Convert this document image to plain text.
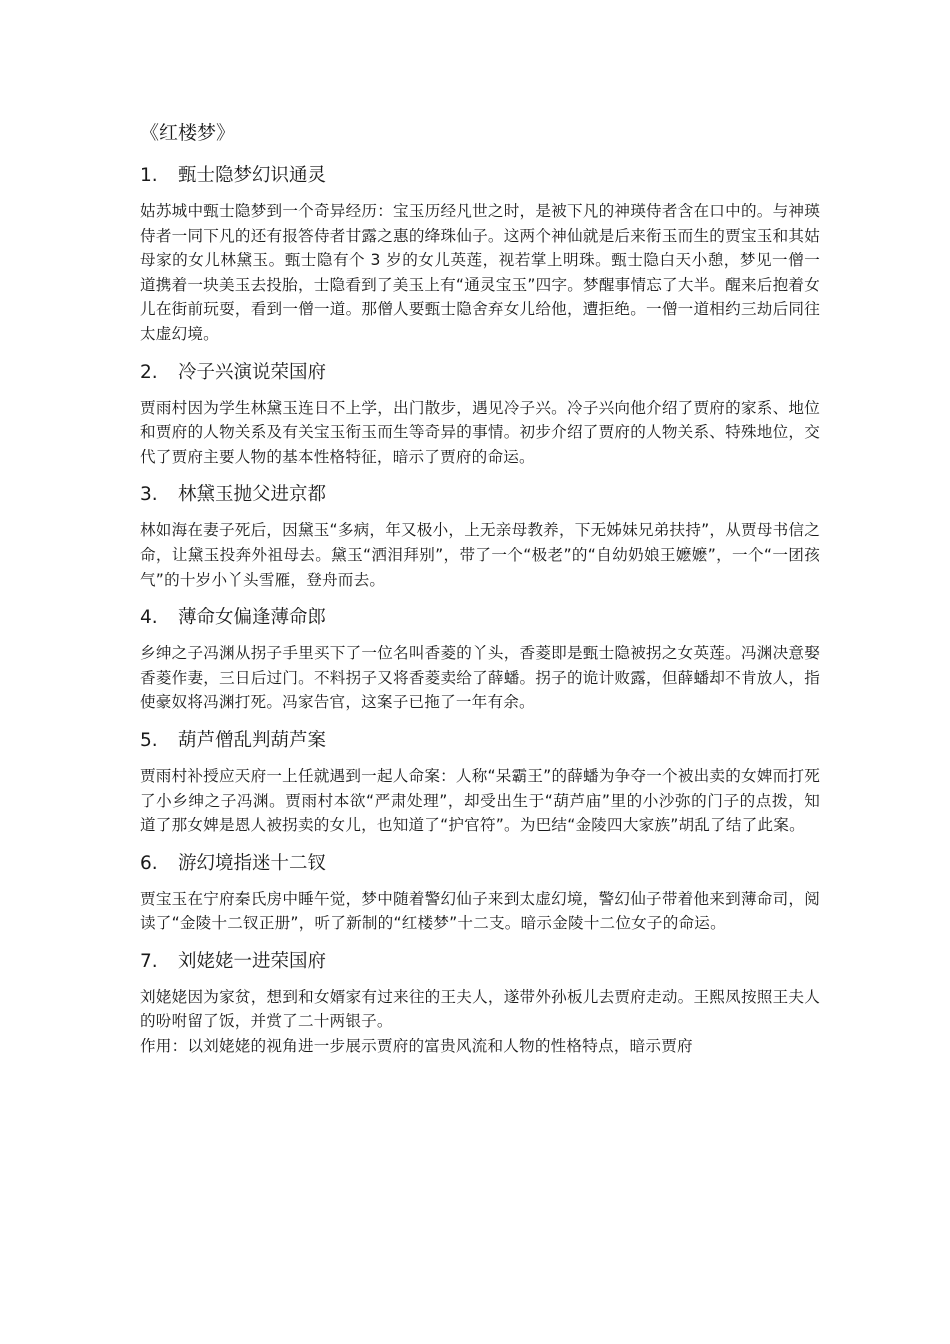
《红楼梦》
1.	甄士隐梦幻识通灵

姑苏城中甄士隐梦到一个奇异经历：宝玉历经凡世之时，是被下凡的神瑛侍者含在口中的。与神瑛侍者一同下凡的还有报答侍者甘露之惠的绛珠仙子。这两个神仙就是后来衔玉而生的贾宝玉和其姑母家的女儿林黛玉。甄士隐有个 3 岁的女儿英莲，视若掌上明珠。甄士隐白天小憩，梦见一僧一道携着一块美玉去投胎，士隐看到了美玉上有“通灵宝玉”四字。梦醒事情忘了大半。醒来后抱着女儿在街前玩耍，看到一僧一道。那僧人要甄士隐舍弃女儿给他，遭拒绝。一僧一道相约三劫后同往太虚幻境。

2.	冷子兴演说荣国府

贾雨村因为学生林黛玉连日不上学，出门散步，遇见冷子兴。冷子兴向他介绍了贾府的家系、地位和贾府的人物关系及有关宝玉衔玉而生等奇异的事情。初步介绍了贾府的人物关系、特殊地位，交代了贾府主要人物的基本性格特征，暗示了贾府的命运。

3.	林黛玉抛父进京都

林如海在妻子死后，因黛玉“多病，年又极小，上无亲母教养，下无姊妹兄弟扶持”，从贾母书信之命，让黛玉投奔外祖母去。黛玉“洒泪拜别”，带了一个“极老”的“自幼奶娘王嬷嬷”，一个“一团孩气”的十岁小丫头雪雁，登舟而去。

4.	薄命女偏逢薄命郎

乡绅之子冯渊从拐子手里买下了一位名叫香菱的丫头，香菱即是甄士隐被拐之女英莲。冯渊决意娶香菱作妻，三日后过门。不料拐子又将香菱卖给了薛蟠。拐子的诡计败露，但薛蟠却不肯放人，指使豪奴将冯渊打死。冯家告官，这案子已拖了一年有余。

5.	葫芦僧乱判葫芦案

贾雨村补授应天府一上任就遇到一起人命案：人称“呆霸王”的薛蟠为争夺一个被出卖的女婢而打死了小乡绅之子冯渊。贾雨村本欲“严肃处理”，却受出生于“葫芦庙”里的小沙弥的门子的点拨，知道了那女婢是恩人被拐卖的女儿，也知道了“护官符”。为巴结“金陵四大家族”胡乱了结了此案。

6.	游幻境指迷十二钗

贾宝玉在宁府秦氏房中睡午觉，梦中随着警幻仙子来到太虚幻境，警幻仙子带着他来到薄命司，阅读了“金陵十二钗正册”，听了新制的“红楼梦”十二支。暗示金陵十二位女子的命运。

7.	刘姥姥一进荣国府

刘姥姥因为家贫，想到和女婿家有过来往的王夫人，遂带外孙板儿去贾府走动。王熙凤按照王夫人的吩咐留了饭，并赏了二十两银子。

作用：以刘姥姥的视角进一步展示贾府的富贵风流和人物的性格特点，暗示贾府
